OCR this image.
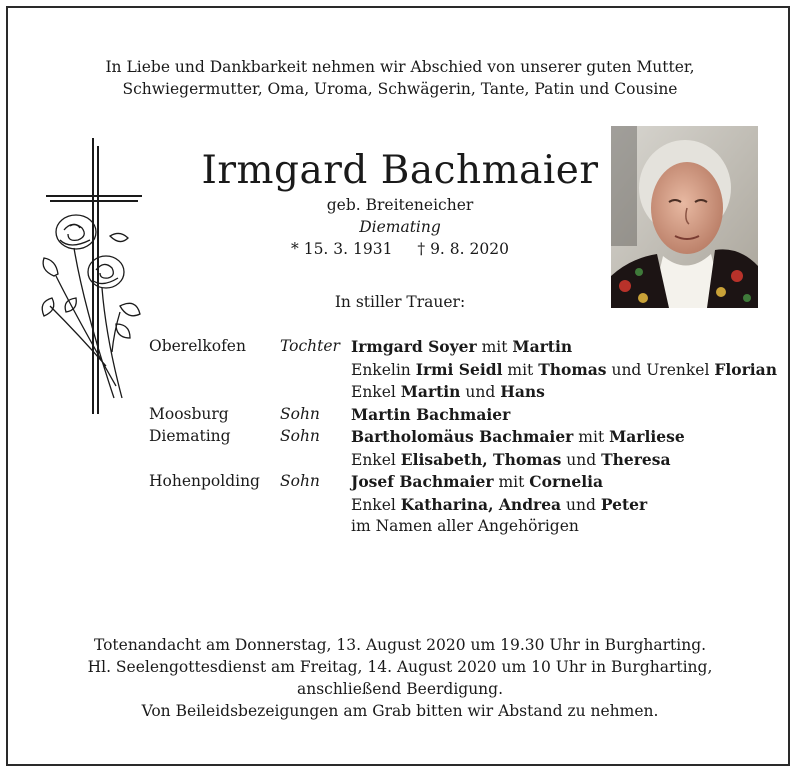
In Liebe und Dankbarkeit nehmen wir Abschied von unserer guten Mutter,
Schwiegermutter, Oma, Uroma, Schwägerin, Tante, Patin und Cousine
Irmgard Bachmaier
geb. Breiteneicher
Diemating
* 15. 3. 1931 † 9. 8. 2020
In stiller Trauer:
Oberelkofen	Tochter	Irmgard Soyer mit Martin
Enkelin Irmi Seidl mit Thomas und Urenkel Florian
Enkel Martin und Hans

Moosburg	Sohn	Martin Bachmaier

Diemating	Sohn	Bartholomäus Bachmaier mit Marliese
Enkel Elisabeth, Thomas und Theresa

Hohenpolding	Sohn	Josef Bachmaier mit Cornelia
Enkel Katharina, Andrea und Peter
im Namen aller Angehörigen
Totenandacht am Donnerstag, 13. August 2020 um 19.30 Uhr in Burgharting.
Hl. Seelengottesdienst am Freitag, 14. August 2020 um 10 Uhr in Burgharting,
anschließend Beerdigung.
Von Beileidsbezeigungen am Grab bitten wir Abstand zu nehmen.
